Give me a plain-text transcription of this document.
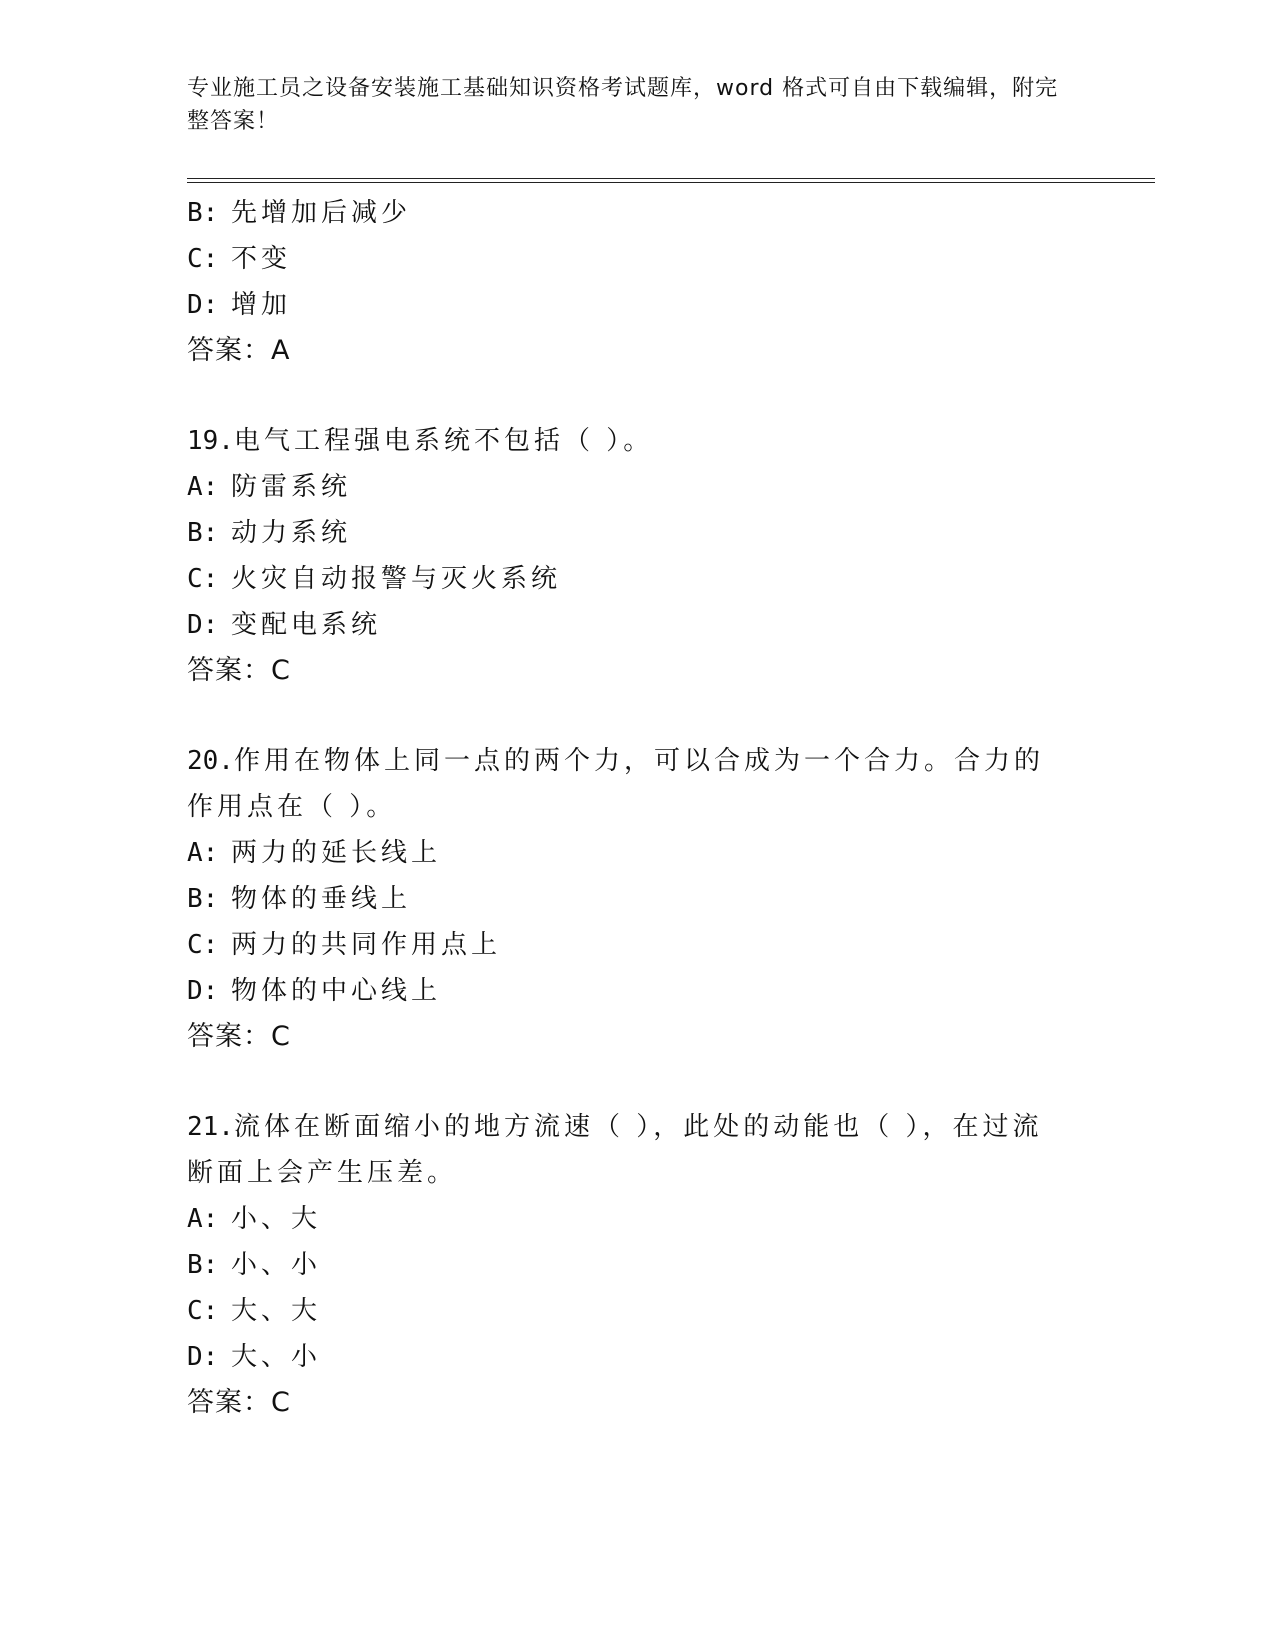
专业施工员之设备安装施工基础知识资格考试题库，word 格式可自由下载编辑，附完整答案！
B: 先增加后减少
C: 不变
D: 增加
答案：A
19.电气工程强电系统不包括（ ）。
A: 防雷系统
B: 动力系统
C: 火灾自动报警与灭火系统
D: 变配电系统
答案：C
20.作用在物体上同一点的两个力，可以合成为一个合力。合力的作用点在（ ）。
A: 两力的延长线上
B: 物体的垂线上
C: 两力的共同作用点上
D: 物体的中心线上
答案：C
21.流体在断面缩小的地方流速（ ），此处的动能也（ ），在过流断面上会产生压差。
A: 小、大
B: 小、小
C: 大、大
D: 大、小
答案：C
